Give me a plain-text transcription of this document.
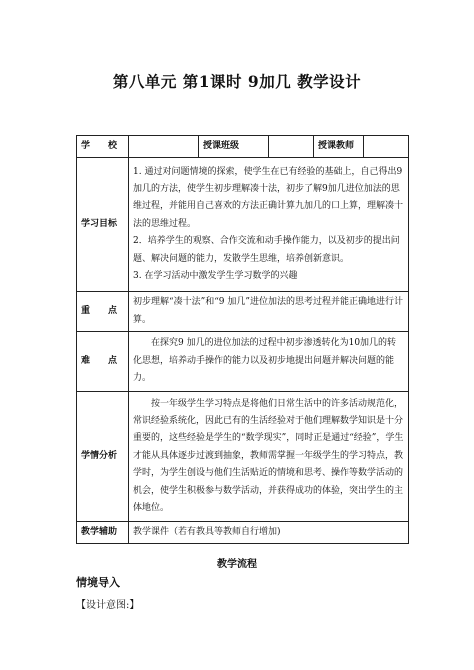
第八单元 第1课时 9加几 教学设计
学　　校		授课班级		授课教师	
学习目标	1. 通过对问题情境的探索，使学生在已有经验的基础上，自己得出9加几的方法，使学生初步理解凑十法，初步了解9加几进位加法的思维过程，并能用自己喜欢的方法正确计算九加几的口上算，理解凑十法的思维过程。
2．培养学生的观察、合作交流和动手操作能力，以及初步的提出问题、解决问题的能力，发散学生思维，培养创新意识。
3. 在学习活动中激发学生学习数学的兴趣				

重　　点	初步理解“凑十法”和“9 加几”进位加法的思考过程并能正确地进行计算。				
难　　点	在探究9 加几的进位加法的过程中初步渗透转化为10加几的转化思想，培养动手操作的能力以及初步地提出问题并解决问题的能力。				

学情分析	按一年级学生学习特点是将他们日常生活中的许多活动规范化，常识经验系统化，因此已有的生活经验对于他们理解数学知识是十分重要的，这些经验是学生的“数学现实”，同时正是通过“经验”，学生才能从具体逐步过渡到抽象，教师需掌握一年级学生的学习特点，教学时，为学生创设与他们生活贴近的情境和思考、操作等数学活动的机会，使学生积极参与数学活动，并获得成功的体验，突出学生的主体地位。				

教学辅助	教学课件（若有教具等教师自行增加)				
教学流程
情境导入
【设计意图:】
